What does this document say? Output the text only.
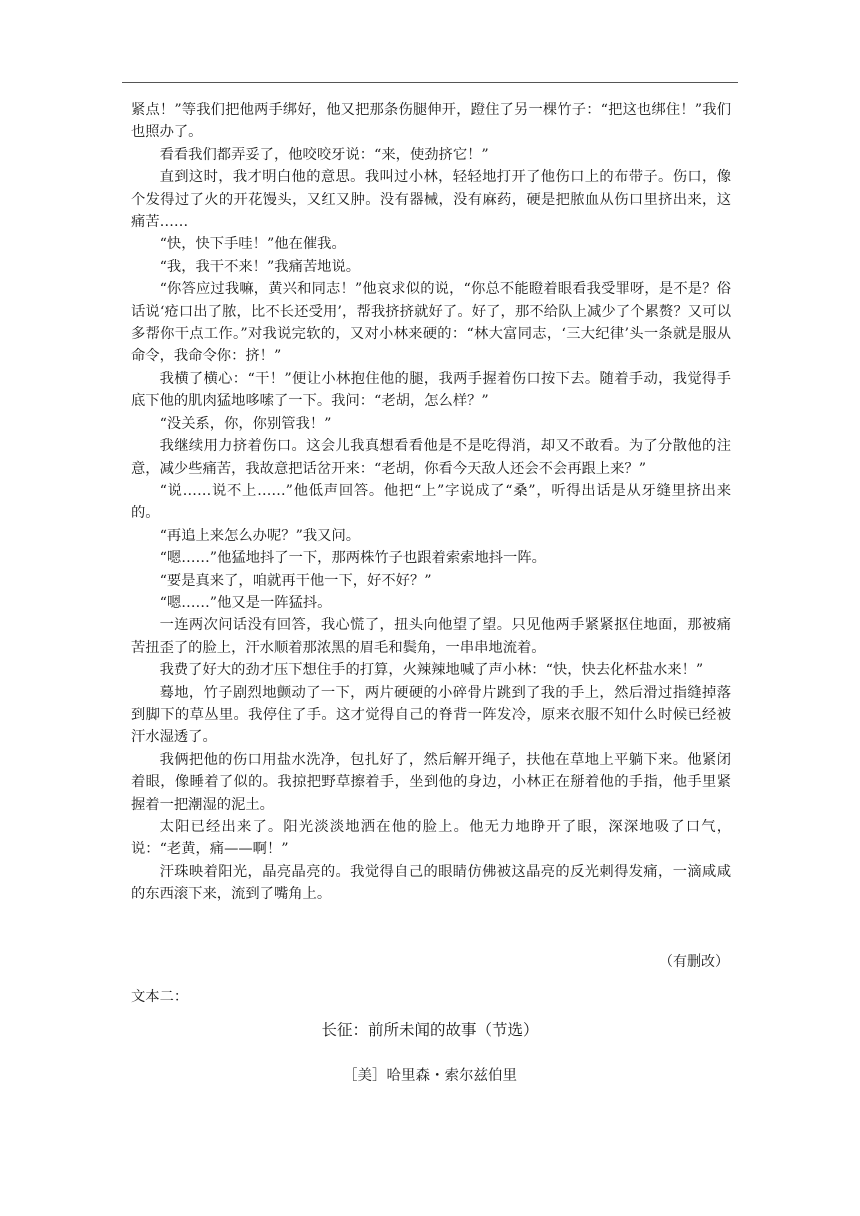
紧点！”等我们把他两手绑好，他又把那条伤腿伸开，蹬住了另一棵竹子：“把这也绑住！”我们也照办了。

看看我们都弄妥了，他咬咬牙说：“来，使劲挤它！”

直到这时，我才明白他的意思。我叫过小林，轻轻地打开了他伤口上的布带子。伤口，像个发得过了火的开花馒头，又红又肿。没有器械，没有麻药，硬是把脓血从伤口里挤出来，这痛苦……

“快，快下手哇！”他在催我。

“我，我干不来！”我痛苦地说。

“你答应过我嘛，黄兴和同志！”他哀求似的说，“你总不能瞪着眼看我受罪呀，是不是？俗话说‘疮口出了脓，比不长还受用’，帮我挤挤就好了。好了，那不给队上减少了个累赘？又可以多帮你干点工作。”对我说完软的，又对小林来硬的：“林大富同志，‘三大纪律’头一条就是服从命令，我命令你：挤！”

我横了横心：“干！”便让小林抱住他的腿，我两手握着伤口按下去。随着手动，我觉得手底下他的肌肉猛地哆嗦了一下。我问：“老胡，怎么样？”

“没关系，你，你别管我！”

我继续用力挤着伤口。这会儿我真想看看他是不是吃得消，却又不敢看。为了分散他的注意，减少些痛苦，我故意把话岔开来：“老胡，你看今天敌人还会不会再跟上来？”

“说……说不上……”他低声回答。他把“上”字说成了“桑”，听得出话是从牙缝里挤出来的。

“再追上来怎么办呢？”我又问。

“嗯……”他猛地抖了一下，那两株竹子也跟着索索地抖一阵。

“要是真来了，咱就再干他一下，好不好？”

“嗯……”他又是一阵猛抖。

一连两次问话没有回答，我心慌了，扭头向他望了望。只见他两手紧紧抠住地面，那被痛苦扭歪了的脸上，汗水顺着那浓黑的眉毛和鬓角，一串串地流着。

我费了好大的劲才压下想住手的打算，火辣辣地喊了声小林：“快，快去化杯盐水来！”

蓦地，竹子剧烈地颤动了一下，两片硬硬的小碎骨片跳到了我的手上，然后滑过指缝掉落到脚下的草丛里。我停住了手。这才觉得自己的脊背一阵发冷，原来衣服不知什么时候已经被汗水湿透了。

我俩把他的伤口用盐水洗净，包扎好了，然后解开绳子，扶他在草地上平躺下来。他紧闭着眼，像睡着了似的。我掠把野草擦着手，坐到他的身边，小林正在掰着他的手指，他手里紧握着一把潮湿的泥土。

太阳已经出来了。阳光淡淡地洒在他的脸上。他无力地睁开了眼，深深地吸了口气，说：“老黄，痛——啊！”

汗珠映着阳光，晶亮晶亮的。我觉得自己的眼睛仿佛被这晶亮的反光刺得发痛，一滴咸咸的东西滚下来，流到了嘴角上。

（有删改）

文本二：

长征：前所未闻的故事（节选）

［美］哈里森・索尔兹伯里
